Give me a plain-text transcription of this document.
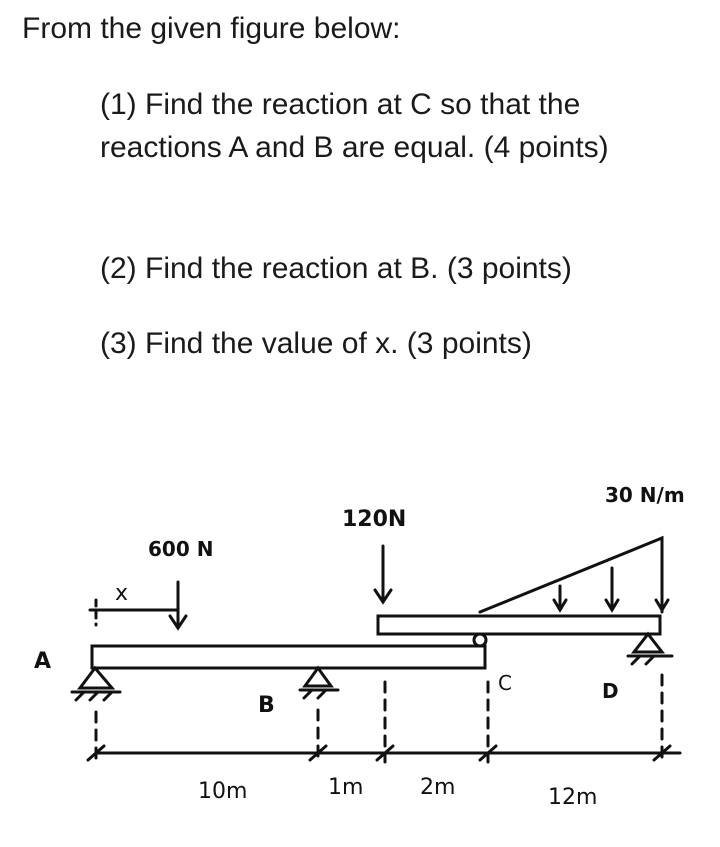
From the given figure below:
(1) Find the reaction at C so that the reactions A and B are equal. (4 points)
(2) Find the reaction at B. (3 points)
(3) Find the value of x. (3 points)
A
B
C	D
x
600 N
120N
30 N/m
10m	1m	2m	12m
